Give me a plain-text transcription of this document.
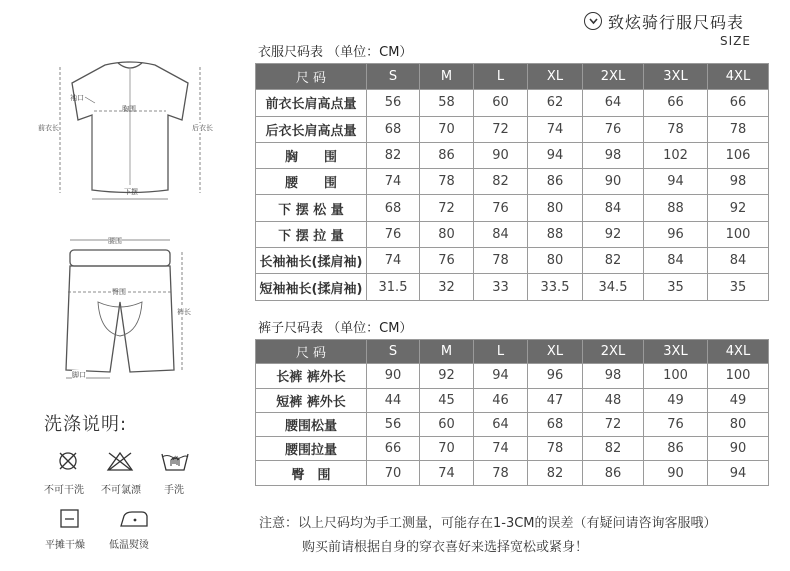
致炫骑行服尺码表
SIZE
袖口
胸围
前衣长	后衣长
下摆
腰围
臀围
裤长
脚口
洗涤说明:
不可干洗 不可氯漂 手洗
平摊干燥 低温熨烫
衣服尺码表 （单位：CM）
尺 码	S	M	L	XL	2XL	3XL	4XL
前衣长肩高点量	56	58	60	62	64	66	66
后衣长肩高点量	68	70	72	74	76	78	78
胸　　围	82	86	90	94	98	102	106
腰　　围	74	78	82	86	90	94	98
下 摆 松 量	68	72	76	80	84	88	92
下 摆 拉 量	76	80	84	88	92	96	100
长袖袖长(揉肩袖)	74	76	78	80	82	84	84
短袖袖长(揉肩袖)	31.5	32	33	33.5	34.5	35	35
裤子尺码表 （单位：CM）
尺 码	S	M	L	XL	2XL	3XL	4XL
长裤 裤外长	90	92	94	96	98	100	100
短裤 裤外长	44	45	46	47	48	49	49
腰围松量	56	60	64	68	72	76	80
腰围拉量	66	70	74	78	82	86	90
臀　围	70	74	78	82	86	90	94
注意：以上尺码均为手工测量，可能存在1-3CM的误差（有疑问请咨询客服哦）
购买前请根据自身的穿衣喜好来选择宽松或紧身！
